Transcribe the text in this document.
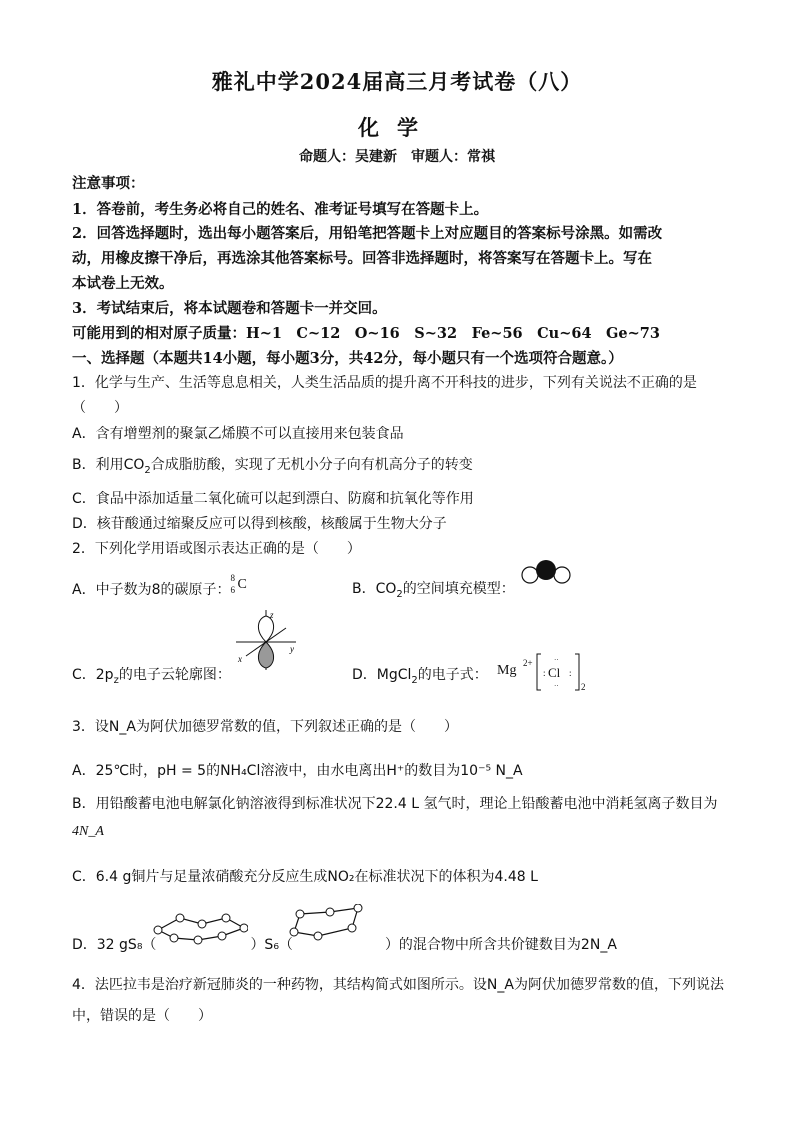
雅礼中学2024届高三月考试卷（八）
化学
命题人：吴建新　审题人：常祺
注意事项：
1．答卷前，考生务必将自己的姓名、准考证号填写在答题卡上。
2．回答选择题时，选出每小题答案后，用铅笔把答题卡上对应题目的答案标号涂黑。如需改
动，用橡皮擦干净后，再选涂其他答案标号。回答非选择题时，将答案写在答题卡上。写在
本试卷上无效。
3．考试结束后，将本试题卷和答题卡一并交回。
可能用到的相对原子质量：H~1　C~12　O~16　S~32　Fe~56　Cu~64　Ge~73
一、选择题（本题共14小题，每小题3分，共42分，每小题只有一个选项符合题意。）
1．化学与生产、生活等息息相关，人类生活品质的提升离不开科技的进步，下列有关说法不正确的是
（　　）
A．含有增塑剂的聚氯乙烯膜不可以直接用来包装食品
B．利用$CO_2$合成脂肪酸，实现了无机小分子向有机高分子的转变
C．食品中添加适量二氧化硫可以起到漂白、防腐和抗氧化等作用
D．核苷酸通过缩聚反应可以得到核酸，核酸属于生物大分子
2．下列化学用语或图示表达正确的是（　　）
A．中子数为8的碳原子：
8
6 C	B．$CO_2$的空间填充模型：
C．$2p_z$的电子云轮廓图：
z
y
x
D．MgCl$_2$的电子式： Mg 2+	··
··
:	:
Cl
2
3．设N_A为阿伏加德罗常数的值，下列叙述正确的是（　　）
A．25℃时，pH = 5的NH₄Cl溶液中，由水电离出H⁺的数目为10⁻⁵ N_A
B．用铅酸蓄电池电解氯化钠溶液得到标准状况下22.4 L 氢气时，理论上铅酸蓄电池中消耗氢离子数目为
4N_A
C．6.4 g铜片与足量浓硝酸充分反应生成NO₂在标准状况下的体积为4.48 L
D．32 gS₈（	）S₆（	）的混合物中所含共价键数目为2N_A
4．法匹拉韦是治疗新冠肺炎的一种药物，其结构简式如图所示。设N_A为阿伏加德罗常数的值，下列说法
中，错误的是（　　）
